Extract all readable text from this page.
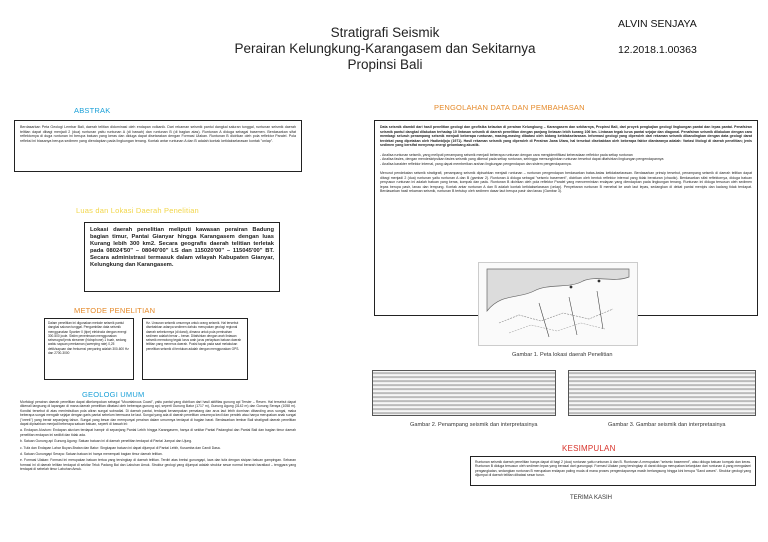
Stratigrafi Seismik
Perairan Kelungkung-Karangasem dan Sekitarnya
Propinsi Bali
ALVIN SENJAYA
12.2018.1.00363
ABSTRAK
Berdasarkan Peta Geologi Lembar Bali, daerah telitian didominasi oleh endapan volkanik. Dari rekaman seismik pantul dangkal saluran tunggal, runtunan seismik daerah telitian dapat dibagi menjadi 2 (dua) runtunan yaitu runtunan A (di bawah) dan runtunan B (di bagian atas). Runtunan A diduga sebagai basemen. Berdasarkan sifat reflektornya di duga runtunan ini berupa batuan yang keras dan diduga dapat disetarakan dengan Formasi Ulakan. Runtunan B dicirikan oleh pola reflektor Paralel. Pola refleksi ini biasanya berupa sedimen yang diendapkan pada lingkungan tenang. Kontak antar runtunan A dan B adalah kontak ketidakselarasan kontak "onlap".
Luas dan Lokasi Daerah Penelitian
Lokasi daerah penelitian meliputi kawasan perairan Badung bagian timur, Pantai Gianyar hingga Karangasem dengan luas Kurang lebih 300 km2. Secara geografis daerah telitian terletak pada 08024'50" – 08040'00" LS dan 115020'00" – 115045'00" BT. Secara administrasi termasuk dalam wilayah Kabupaten Gianyar, Kelungkung dan Karangasem.
METODE PENELITIAN
Dalam penelitian ini digunakan metode seismik pantul dangkal saluran tunggal. Pengambilan data seismik menggunakan Sparker 0 (tipe) elektroda dengan energi 300-500 joule. Sistim penerimaan menggunakan seismograf jenis streamer (hidrophone) 1 buah, sedang waktu sapuan perekaman (sweeping rate) 0,25 detik/sapuan dan frekuensi penyaring adalah 300-600 Hz dan 2700-3000
Hz. Unsuran seismik umumnya untuk orang seismik. Hal tersebut disebabkan adanya sedimen dahulu merupakan geologi regional daerah sebelumnya (di darat), dimana untuk pula pemisahan sedimen adalah benar – benar. Ditafsirkan dengan arah lintasan seismik memotong tegak lurus arah jurus perlapisan batuan daerah telitian yang menerus daerah. Posisi tapak pada saat melakukan penelitian seismik di tentukan adalah dengan menggunakan GPS.
GEOLOGI UMUM
Morfologi perairan daerah penelitian dapat dikelompokan sebagai "Mountainous Coast", yaitu pantai yang dicirikan dari hasil aktifitas gunung api Tersier – Resen. Hal tersebut dapat dikenali langsung di lapangan di mana daerah penelitian dibatasi oleh beberapa gunung api, seperti Gunung Batur (1717 m), Gunung Agung (3142 m) dan Gunung Seraya (1058 m). Kondisi tersebut di atas menimbulkan pola aliran sungai subradial. Di daerah pantai, terdapat kenampakan pematang dan arus laut lebih dominan dibanding arus sungai, maka beberapa sungai mengalir sejajar dengan garis pantai sebelum bermuara ke laut. Sungai yang ada di daerah penelitian umumnya kecil dan pendek atau hanya merupakan anak sungai ("creek") yang berair sepanjang tahun. Sungai yang besar dan mempunyai perairan dalam umumnya terdapat di bagian barat. Berdasarkan lembar Bali stratigrafi daerah penelitian dapat dipisahkan menjadi beberapa satuan batuan, seperti di bawah ini:
a. Endapan Aluvium: Endapan aluvium terdapat hampir di sepanjang Pantai Lebih hingga Karangasem, hanya di sekitar Pantai Padangbai dan Pantai Bali dan bagian timur daerah penelitian endapan ini sedikit dan tidak ada.
b. Satuan Gunung api Gunung Agung: Satuan batuan ini di daerah penelitian terdapat di Pantai Jumpai dan Ujung.
c. Tufa dan Endapan Lahar Buyan-Bratan dan Batur: Singkapan batuan ini dapat dijumpai di Pantai Lebih, Kusamba dan Candi Dasa.
d. Satuan Gunungapi Seraya: Satuan batuan ini hanya menempati bagian timur daerah telitian.
e. Formasi Ulakan: Formasi ini merupakan batuan tertua yang tersingkap di daerah telitian. Terdiri atas breksi gunungapi, lava dan tufa dengan sisipan batuan gampingan. Sebaran formasi ini di daerah telitian terdapat di sekitar Teluk Padang Bai dan Labuhan Amuk. Struktur geologi yang dijumpai adalah struktur sesar normal berarah baratlaut – tenggara yang terdapat di sebelah timur Labuhan Amuk.
PENGOLAHAN DATA DAN PEMBAHASAN
Data seismik diambil dari hasil penelitian geologi dan geofisika kelautan di perairan Kelungkung – Karangasem dan sekitarnya, Propinsi Bali, dari proyek pengkajian geologi lingkungan pantai dan lepas pantai. Penafsiran seismik pantul dangkal dilakukan terhadap 10 lintasan seismik di daerah penelitian dengan panjang lintasan lebih kurang 106 km. Lintasan tegak lurus pantai sejajar dan diagonal. Penafsiran seismik dilakukan dengan cara membagi seluruh penampang seismik menjadi beberapa runtunan, masing-masing dibatasi oleh bidang ketidakselarasan. Informasi geologi yang diperoleh dari rekaman seismik dibandingkan dengan data geologi darat terdekat yang dipetakan oleh Hadiwidjojo (1971). Hasil rekaman seismik yang diperoleh di Perairan Jawa Utara, hal tersebut disebabkan oleh beberapa faktor diantaranya adalah: Variasi litologi di daerah penelitian; jenis sedimen yang bersifat menyerap energi gelombang akustik.
- Analisa runtunan seismik, yang meliputi penampang seismik menjadi beberapa runtunan dengan cara mengidentifikasi keberadaan reflektor pada setiap runtunan
- Analisa fasies, dengan mendeskripsikan fasies seismik yang dikenal pada setiap runtunan, sehingga memungkinkan runtunan tersebut dapat ditafsirkan lingkungan pengendapannya
- Analisa karakter reflektor internal, yang dapat memberikan arahan lingkungan pengendapan dan sistem pengendapannya.
Menurut pendekatan seismik stratigrafi, penampang seismik dipisahkan menjadi runtunan – runtunan pengendapan berdasarkan batas-batas ketidakselarasan. Berdasarkan prinsip tersebut, penampang seismik di daerah telitian dapat dibagi menjadi 2 (dua) runtunan yaitu runtunan A dan B (gambar 2). Runtunan A diduga sebagai "seismic basement", dicirikan oleh bentuk reflektor internal yang tidak beraturan (chaotic). Berdasarkan sifat reflektornya, diduga batuan penyusun runtunan ini adalah batuan yang keras, kompak dan padu. Runtunan B dicirikan oleh pola reflektor Paralel yang mencerminkan endapan yang diendapkan pada lingkungan tenang. Runtunan ini diduga tersusun oleh sedimen lepas berupa pasir, lanau dan lempung. Kontak antar runtunan A dan B adalah kontak ketidakselarasan (onlap). Penyebaran runtunan B menebal ke arah laut lepas, sedangkan di dekat pantai menipis dan kadang tidak terdapat. Berdasarkan hasil rekaman seismik, runtunan B tertutup oleh sedimen dasar laut berupa pasir dan lanau (Gambar 3).
Gambar 1. Peta lokasi daerah Penelitian
Gambar 2. Penampang seismik dan interpretasinya	Gambar 3. Gambar seismik dan interpretasinya
KESIMPULAN
Runtunan seismik daerah penelitian hanya dapat di bagi 2 (dua) runtunan yaitu runtunan A dan B. Runtunan A merupakan "seismic basement", atau diduga batuan kompak dan keras. Runtunan B diduga tersusun oleh sedimen lepas yang berasal dari gunungapi. Formasi Ulakan yang tersingkap di darat diduga merupakan kelanjutan dari runtunan A yang mengalami pengangkatan, sedangkan runtunan B merupakan endapan paling muda di mana proses pengendapannya masih berlangsung hingga kini berupa "Sand waves". Struktur geologi yang dijumpai di daerah telitian dibatasi sesar turun.
TERIMA KASIH
